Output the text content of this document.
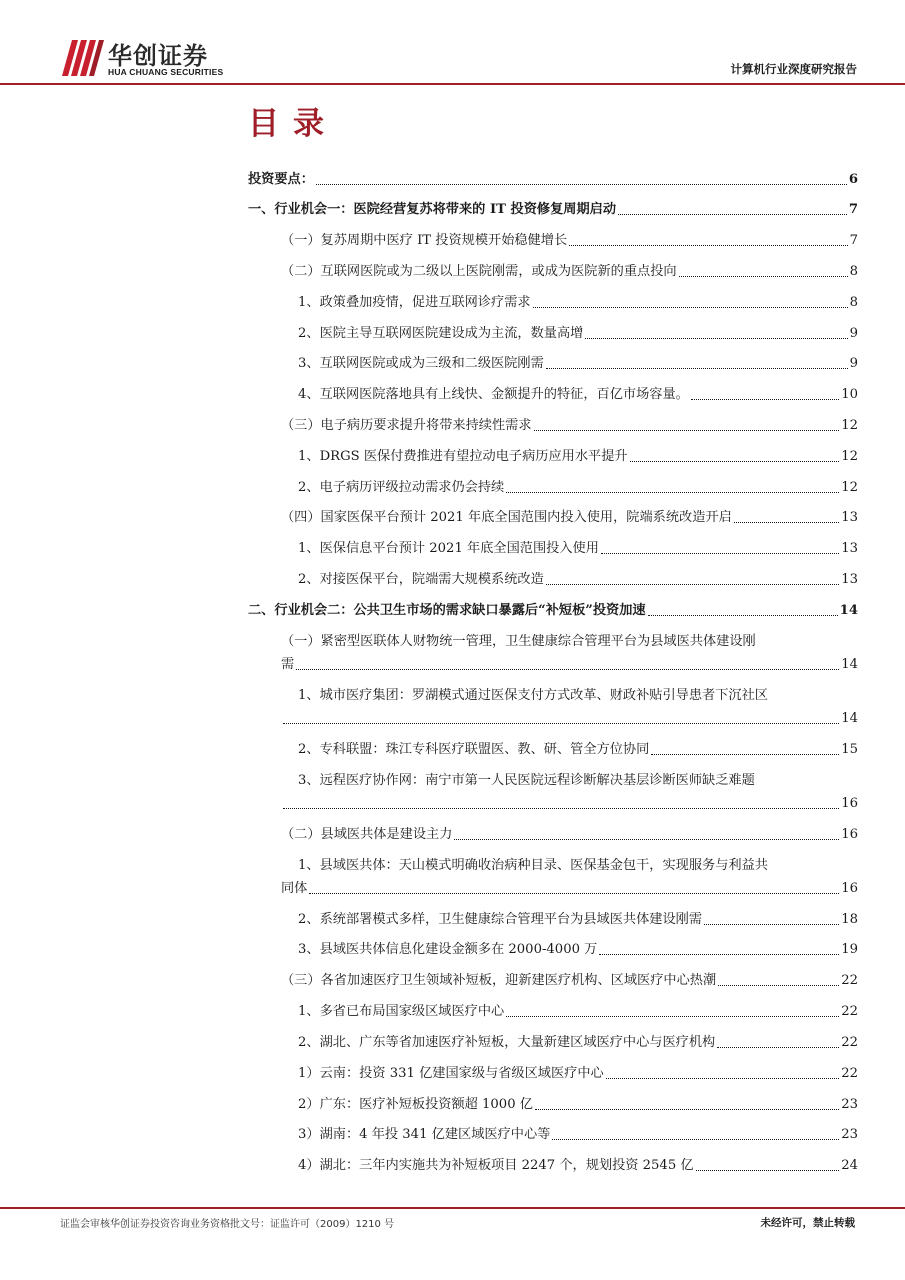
华创证券
HUA CHUANG SECURITIES	计算机行业深度研究报告
目录
投资要点：	6
一、行业机会一：医院经营复苏将带来的 IT 投资修复周期启动	7
（一）复苏周期中医疗 IT 投资规模开始稳健增长	7
（二）互联网医院或为二级以上医院刚需，或成为医院新的重点投向	8
1、政策叠加疫情，促进互联网诊疗需求	8
2、医院主导互联网医院建设成为主流，数量高增	9
3、互联网医院或成为三级和二级医院刚需	9
4、互联网医院落地具有上线快、金额提升的特征，百亿市场容量。	10
（三）电子病历要求提升将带来持续性需求	12
1、DRGS 医保付费推进有望拉动电子病历应用水平提升	12
2、电子病历评级拉动需求仍会持续	12
（四）国家医保平台预计 2021 年底全国范围内投入使用，院端系统改造开启	13
1、医保信息平台预计 2021 年底全国范围投入使用	13
2、对接医保平台，院端需大规模系统改造	13
二、行业机会二：公共卫生市场的需求缺口暴露后“补短板”投资加速	14
（一）紧密型医联体人财物统一管理，卫生健康综合管理平台为县域医共体建设刚
需	14
1、城市医疗集团：罗湖模式通过医保支付方式改革、财政补贴引导患者下沉社区
14
2、专科联盟：珠江专科医疗联盟医、教、研、管全方位协同	15
3、远程医疗协作网：南宁市第一人民医院远程诊断解决基层诊断医师缺乏难题
16
（二）县域医共体是建设主力	16
1、县域医共体：天山模式明确收治病种目录、医保基金包干，实现服务与利益共
同体	16
2、系统部署模式多样，卫生健康综合管理平台为县域医共体建设刚需	18
3、县域医共体信息化建设金额多在 2000-4000 万	19
（三）各省加速医疗卫生领域补短板，迎新建医疗机构、区域医疗中心热潮	22
1、多省已布局国家级区域医疗中心	22
2、湖北、广东等省加速医疗补短板，大量新建区域医疗中心与医疗机构	22
1）云南：投资 331 亿建国家级与省级区域医疗中心	22
2）广东：医疗补短板投资额超 1000 亿	23
3）湖南：4 年投 341 亿建区域医疗中心等	23
4）湖北：三年内实施共为补短板项目 2247 个，规划投资 2545 亿	24
证监会审核华创证券投资咨询业务资格批文号：证监许可（2009）1210 号	未经许可，禁止转载
